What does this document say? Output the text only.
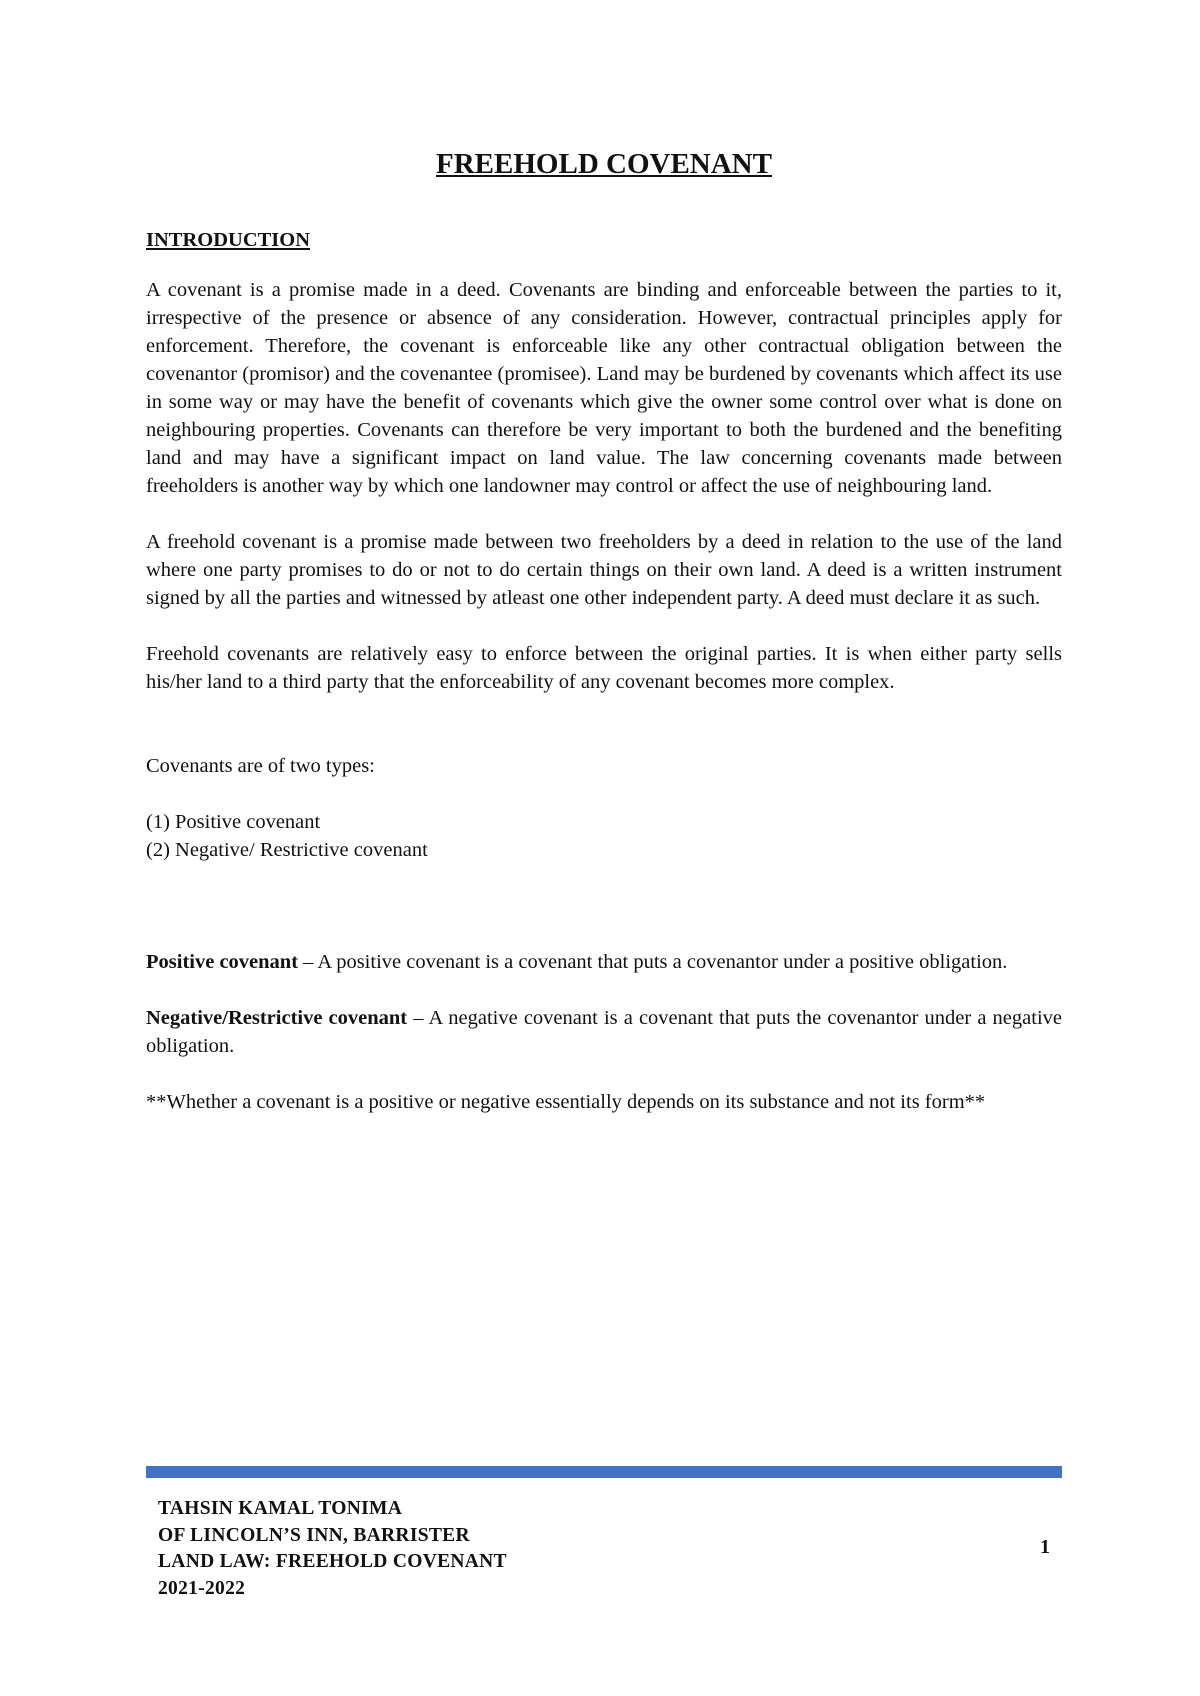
FREEHOLD COVENANT
INTRODUCTION

A covenant is a promise made in a deed. Covenants are binding and enforceable between the parties to it, irrespective of the presence or absence of any consideration. However, contractual principles apply for enforcement. Therefore, the covenant is enforceable like any other contractual obligation between the covenantor (promisor) and the covenantee (promisee). Land may be burdened by covenants which affect its use in some way or may have the benefit of covenants which give the owner some control over what is done on neighbouring properties. Covenants can therefore be very important to both the burdened and the benefiting land and may have a significant impact on land value. The law concerning covenants made between freeholders is another way by which one landowner may control or affect the use of neighbouring land.

A freehold covenant is a promise made between two freeholders by a deed in relation to the use of the land where one party promises to do or not to do certain things on their own land. A deed is a written instrument signed by all the parties and witnessed by atleast one other independent party. A deed must declare it as such.

Freehold covenants are relatively easy to enforce between the original parties. It is when either party sells his/her land to a third party that the enforceability of any covenant becomes more complex.

Covenants are of two types:

(1) Positive covenant
(2) Negative/ Restrictive covenant

Positive covenant – A positive covenant is a covenant that puts a covenantor under a positive obligation.

Negative/Restrictive covenant – A negative covenant is a covenant that puts the covenantor under a negative obligation.

**Whether a covenant is a positive or negative essentially depends on its substance and not its form**

TAHSIN KAMAL TONIMA
OF LINCOLN’S INN, BARRISTER
LAND LAW: FREEHOLD COVENANT
2021-2022
1
